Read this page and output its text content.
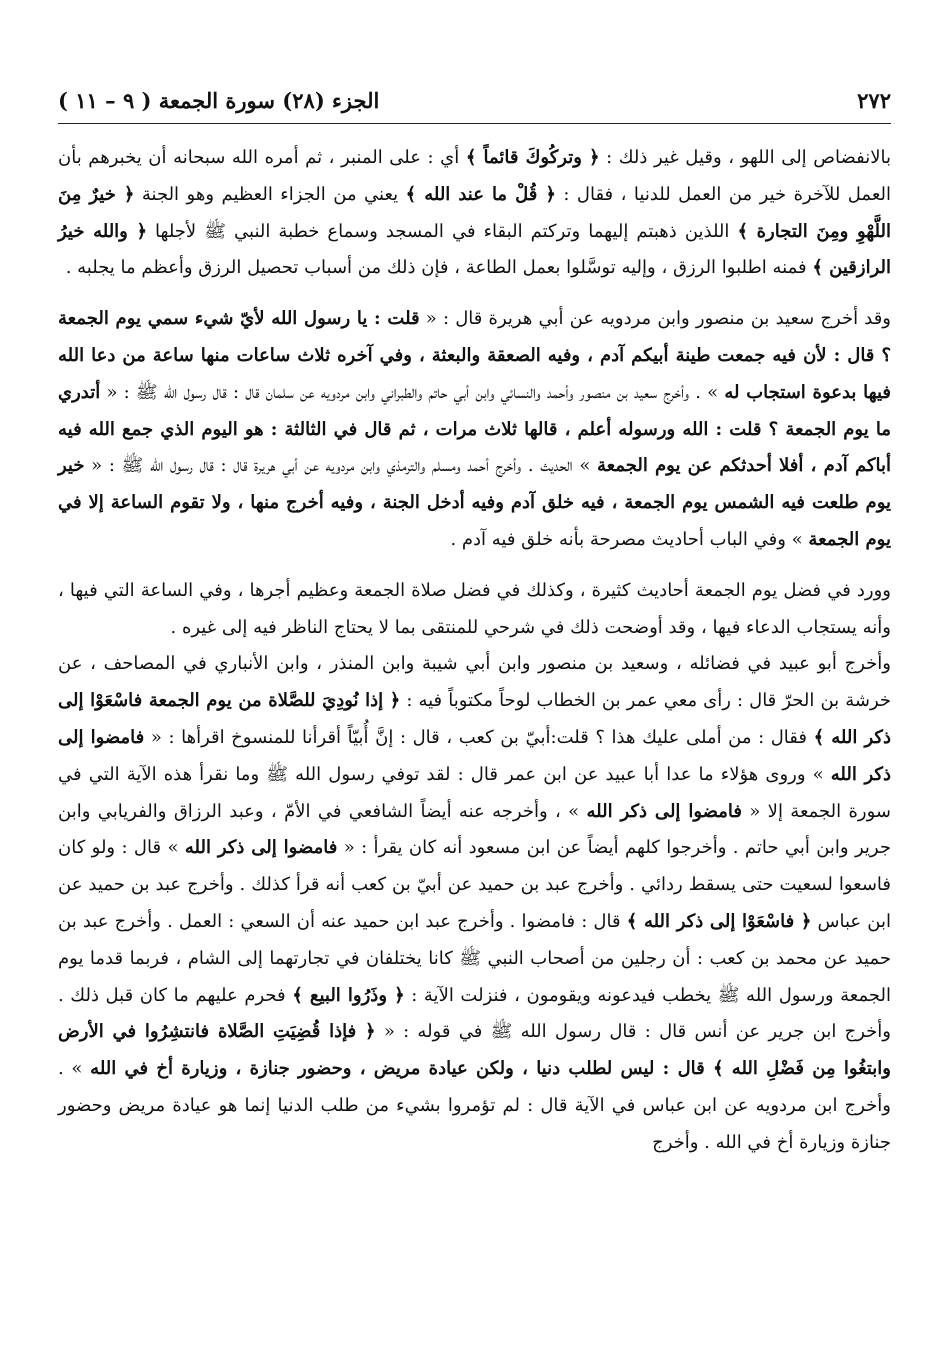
٢٧٢
الجزء (٢٨) سورة الجمعة ( ٩ – ١١ )

بالانفضاص إلى اللهو ، وقيل غير ذلك : ﴿ وتركُوكَ قائماً ﴾ أي : على المنبر ، ثم أمره الله سبحانه أن يخبرهم بأن العمل للآخرة خير من العمل للدنيا ، فقال : ﴿ قُلْ ما عند الله ﴾ يعني من الجزاء العظيم وهو الجنة ﴿ خيرٌ مِنَ اللَّهْوِ ومِنَ التجارة ﴾ اللذين ذهبتم إليهما وتركتم البقاء في المسجد وسماع خطبة النبي ﷺ لأجلها ﴿ والله خيرُ الرازقين ﴾ فمنه اطلبوا الرزق ، وإليه توسَّلوا بعمل الطاعة ، فإن ذلك من أسباب تحصيل الرزق وأعظم ما يجلبه .

وقد أخرج سعيد بن منصور وابن مردويه عن أبي هريرة قال : « قلت : يا رسول الله لأيّ شيء سمي يوم الجمعة ؟ قال : لأن فيه جمعت طينة أبيكم آدم ، وفيه الصعقة والبعثة ، وفي آخره ثلاث ساعات منها ساعة من دعا الله فيها بدعوة استجاب له » . وأخرج سعيد بن منصور وأحمد والنسائي وابن أبي حاتم والطبراني وابن مردويه عن سلمان قال : قال رسول الله ﷺ : « أتدري ما يوم الجمعة ؟ قلت : الله ورسوله أعلم ، قالها ثلاث مرات ، ثم قال في الثالثة : هو اليوم الذي جمع الله فيه أباكم آدم ، أفلا أحدثكم عن يوم الجمعة » الحديث . وأخرج أحمد ومسلم والترمذي وابن مردويه عن أبي هريرة قال : قال رسول الله ﷺ : « خير يوم طلعت فيه الشمس يوم الجمعة ، فيه خلق آدم وفيه أدخل الجنة ، وفيه أخرج منها ، ولا تقوم الساعة إلا في يوم الجمعة » وفي الباب أحاديث مصرحة بأنه خلق فيه آدم .

وورد في فضل يوم الجمعة أحاديث كثيرة ، وكذلك في فضل صلاة الجمعة وعظيم أجرها ، وفي الساعة التي فيها ، وأنه يستجاب الدعاء فيها ، وقد أوضحت ذلك في شرحي للمنتقى بما لا يحتاج الناظر فيه إلى غيره .

وأخرج أبو عبيد في فضائله ، وسعيد بن منصور وابن أبي شيبة وابن المنذر ، وابن الأنباري في المصاحف ، عن خرشة بن الحرّ قال : رأى معي عمر بن الخطاب لوحاً مكتوباً فيه : ﴿ إذا نُودِيَ للصَّلاة من يوم الجمعة فاسْعَوْا إلى ذكر الله ﴾ فقال : من أملى عليك هذا ؟ قلت:أبيّ بن كعب ، قال : إنَّ أُبيّاً أقرأنا للمنسوخ اقرأها : « فامضوا إلى ذكر الله » وروى هؤلاء ما عدا أبا عبيد عن ابن عمر قال : لقد توفي رسول الله ﷺ وما نقرأ هذه الآية التي في سورة الجمعة إلا « فامضوا إلى ذكر الله » ، وأخرجه عنه أيضاً الشافعي في الأمّ ، وعبد الرزاق والفريابي وابن جرير وابن أبي حاتم . وأخرجوا كلهم أيضاً عن ابن مسعود أنه كان يقرأ : « فامضوا إلى ذكر الله » قال : ولو كان فاسعوا لسعيت حتى يسقط ردائي . وأخرج عبد بن حميد عن أبيّ بن كعب أنه قرأ كذلك . وأخرج عبد بن حميد عن ابن عباس ﴿ فاسْعَوْا إلى ذكر الله ﴾ قال : فامضوا . وأخرج عبد ابن حميد عنه أن السعي : العمل . وأخرج عبد بن حميد عن محمد بن كعب : أن رجلين من أصحاب النبي ﷺ كانا يختلفان في تجارتهما إلى الشام ، فربما قدما يوم الجمعة ورسول الله ﷺ يخطب فيدعونه ويقومون ، فنزلت الآية : ﴿ وذَرُوا البيع ﴾ فحرم عليهم ما كان قبل ذلك . وأخرج ابن جرير عن أنس قال : قال رسول الله ﷺ في قوله : « ﴿ فإذا قُضِيَتِ الصَّلاة فانتشِرُوا في الأرض وابتغُوا مِن فَضْلِ الله ﴾ قال : ليس لطلب دنيا ، ولكن عيادة مريض ، وحضور جنازة ، وزيارة أخ في الله » . وأخرج ابن مردويه عن ابن عباس في الآية قال : لم تؤمروا بشيء من طلب الدنيا إنما هو عيادة مريض وحضور جنازة وزيارة أخ في الله . وأخرج
